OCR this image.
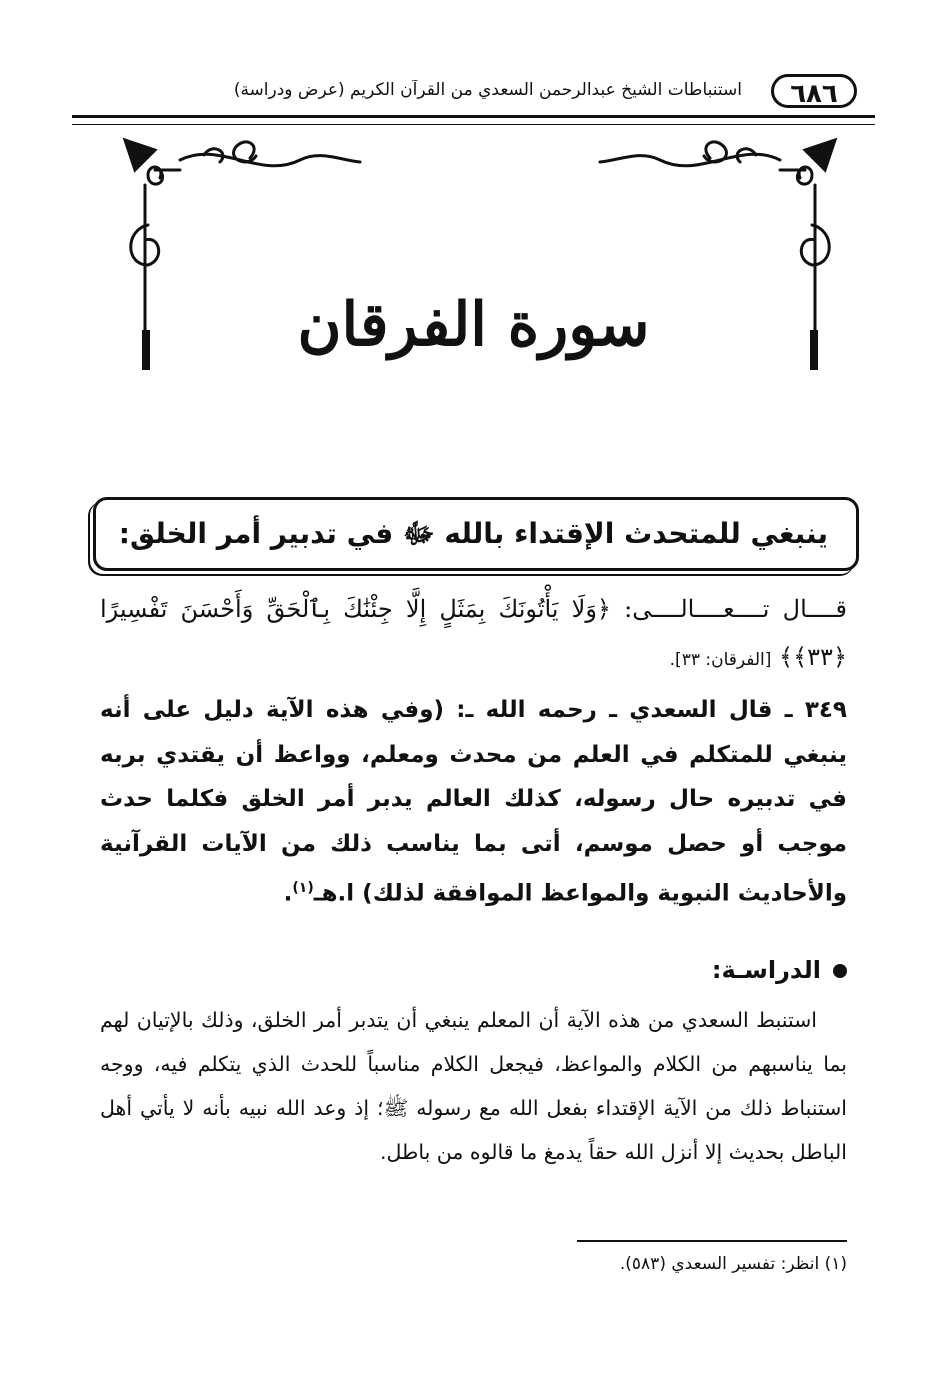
٦٨٦
استنباطات الشيخ عبدالرحمن السعدي من القرآن الكريم (عرض ودراسة)
سورة الفرقان
ينبغي للمتحدث الإقتداء بالله ﷻ في تدبير أمر الخلق:
قــــال تــــعــــالــــى: ﴿وَلَا يَأْتُونَكَ بِمَثَلٍ إِلَّا جِئْنَٰكَ بِٱلْحَقِّ وَأَحْسَنَ تَفْسِيرًا ﴿٣٣﴾﴾ [الفرقان: ٣٣].
٣٤٩ ـ قال السعدي ـ رحمه الله ـ: (وفي هذه الآية دليل على أنه ينبغي للمتكلم في العلم من محدث ومعلم، وواعظ أن يقتدي بربه في تدبيره حال رسوله، كذلك العالم يدبر أمر الخلق فكلما حدث موجب أو حصل موسم، أتى بما يناسب ذلك من الآيات القرآنية والأحاديث النبوية والمواعظ الموافقة لذلك) ا.هـ$^{(١)}$.
الدراسـة:
استنبط السعدي من هذه الآية أن المعلم ينبغي أن يتدبر أمر الخلق، وذلك بالإتيان لهم بما يناسبهم من الكلام والمواعظ، فيجعل الكلام مناسباً للحدث الذي يتكلم فيه، ووجه استنباط ذلك من الآية الإقتداء بفعل الله مع رسوله ﷺ؛ إذ وعد الله نبيه بأنه لا يأتي أهل الباطل بحديث إلا أنزل الله حقاً يدمغ ما قالوه من باطل.
(١) انظر: تفسير السعدي (٥٨٣).
